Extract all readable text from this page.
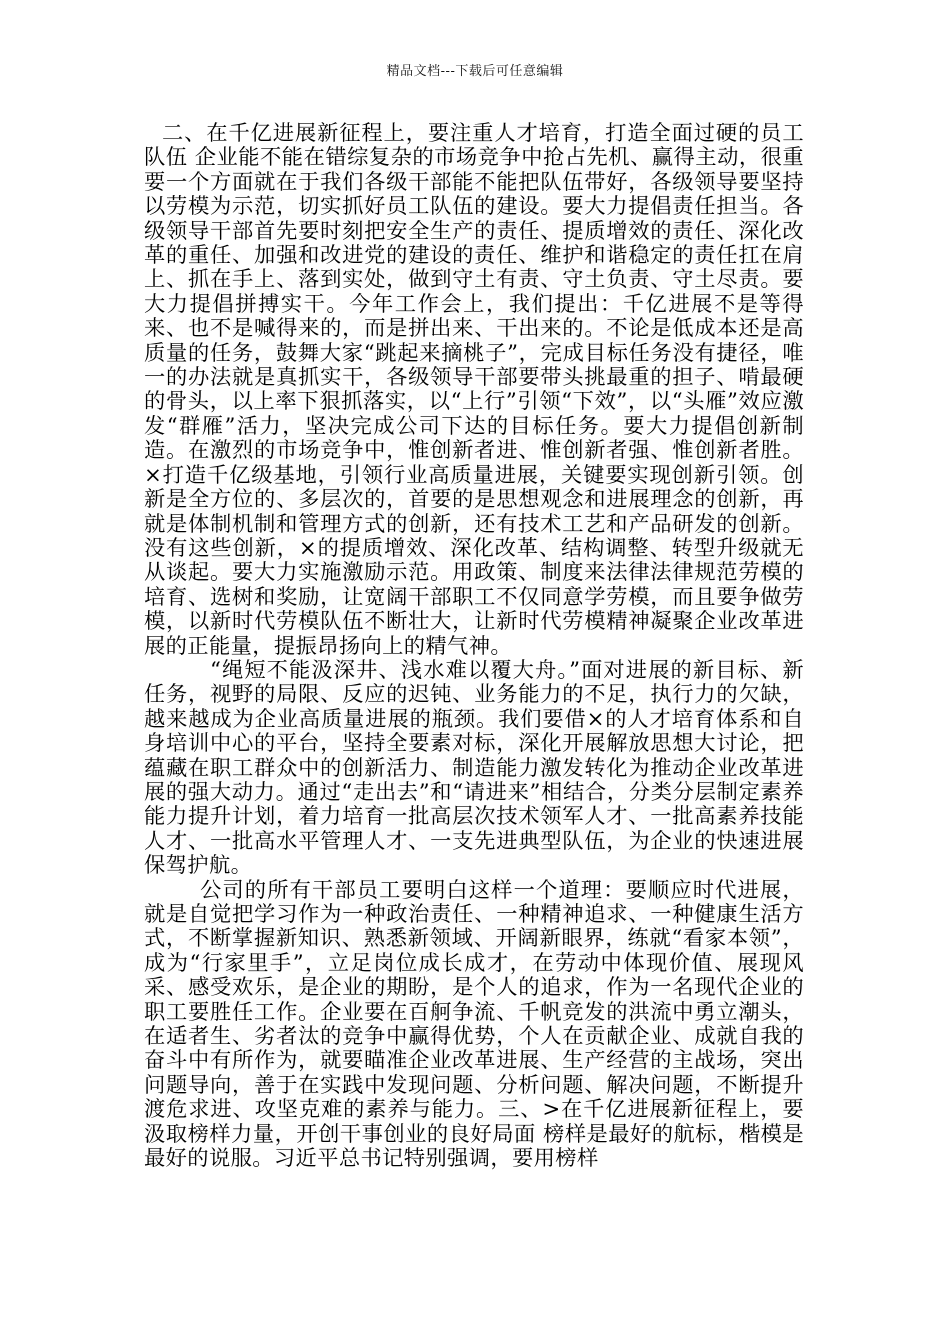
精品文档---下载后可任意编辑

二、在千亿进展新征程上，要注重人才培育，打造全面过硬的员工队伍 企业能不能在错综复杂的市场竞争中抢占先机、赢得主动，很重要一个方面就在于我们各级干部能不能把队伍带好，各级领导要坚持以劳模为示范，切实抓好员工队伍的建设。要大力提倡责任担当。各级领导干部首先要时刻把安全生产的责任、提质增效的责任、深化改革的重任、加强和改进党的建设的责任、维护和谐稳定的责任扛在肩上、抓在手上、落到实处，做到守土有责、守土负责、守土尽责。要大力提倡拼搏实干。今年工作会上，我们提出：千亿进展不是等得来、也不是喊得来的，而是拼出来、干出来的。不论是低成本还是高质量的任务，鼓舞大家“跳起来摘桃子”，完成目标任务没有捷径，唯一的办法就是真抓实干，各级领导干部要带头挑最重的担子、啃最硬的骨头，以上率下狠抓落实，以“上行”引领“下效”，以“头雁”效应激发“群雁”活力，坚决完成公司下达的目标任务。要大力提倡创新制造。在激烈的市场竞争中，惟创新者进、惟创新者强、惟创新者胜。×打造千亿级基地，引领行业高质量进展，关键要实现创新引领。创新是全方位的、多层次的，首要的是思想观念和进展理念的创新，再就是体制机制和管理方式的创新，还有技术工艺和产品研发的创新。没有这些创新，×的提质增效、深化改革、结构调整、转型升级就无从谈起。要大力实施激励示范。用政策、制度来法律法律规范劳模的培育、选树和奖励，让宽阔干部职工不仅同意学劳模，而且要争做劳模，以新时代劳模队伍不断壮大，让新时代劳模精神凝聚企业改革进展的正能量，提振昂扬向上的精气神。

“绳短不能汲深井、浅水难以覆大舟。”面对进展的新目标、新任务，视野的局限、反应的迟钝、业务能力的不足，执行力的欠缺，越来越成为企业高质量进展的瓶颈。我们要借×的人才培育体系和自身培训中心的平台，坚持全要素对标，深化开展解放思想大讨论，把蕴藏在职工群众中的创新活力、制造能力激发转化为推动企业改革进展的强大动力。通过“走出去”和“请进来”相结合，分类分层制定素养能力提升计划，着力培育一批高层次技术领军人才、一批高素养技能人才、一批高水平管理人才、一支先进典型队伍，为企业的快速进展保驾护航。

公司的所有干部员工要明白这样一个道理：要顺应时代进展，就是自觉把学习作为一种政治责任、一种精神追求、一种健康生活方式，不断掌握新知识、熟悉新领域、开阔新眼界，练就“看家本领”，成为“行家里手”，立足岗位成长成才，在劳动中体现价值、展现风采、感受欢乐，是企业的期盼，是个人的追求，作为一名现代企业的职工要胜任工作。企业要在百舸争流、千帆竞发的洪流中勇立潮头，在适者生、劣者汰的竞争中赢得优势，个人在贡献企业、成就自我的奋斗中有所作为，就要瞄准企业改革进展、生产经营的主战场，突出问题导向，善于在实践中发现问题、分析问题、解决问题，不断提升渡危求进、攻坚克难的素养与能力。三、>在千亿进展新征程上，要汲取榜样力量，开创干事创业的良好局面 榜样是最好的航标，楷模是最好的说服。习近平总书记特别强调，要用榜样
